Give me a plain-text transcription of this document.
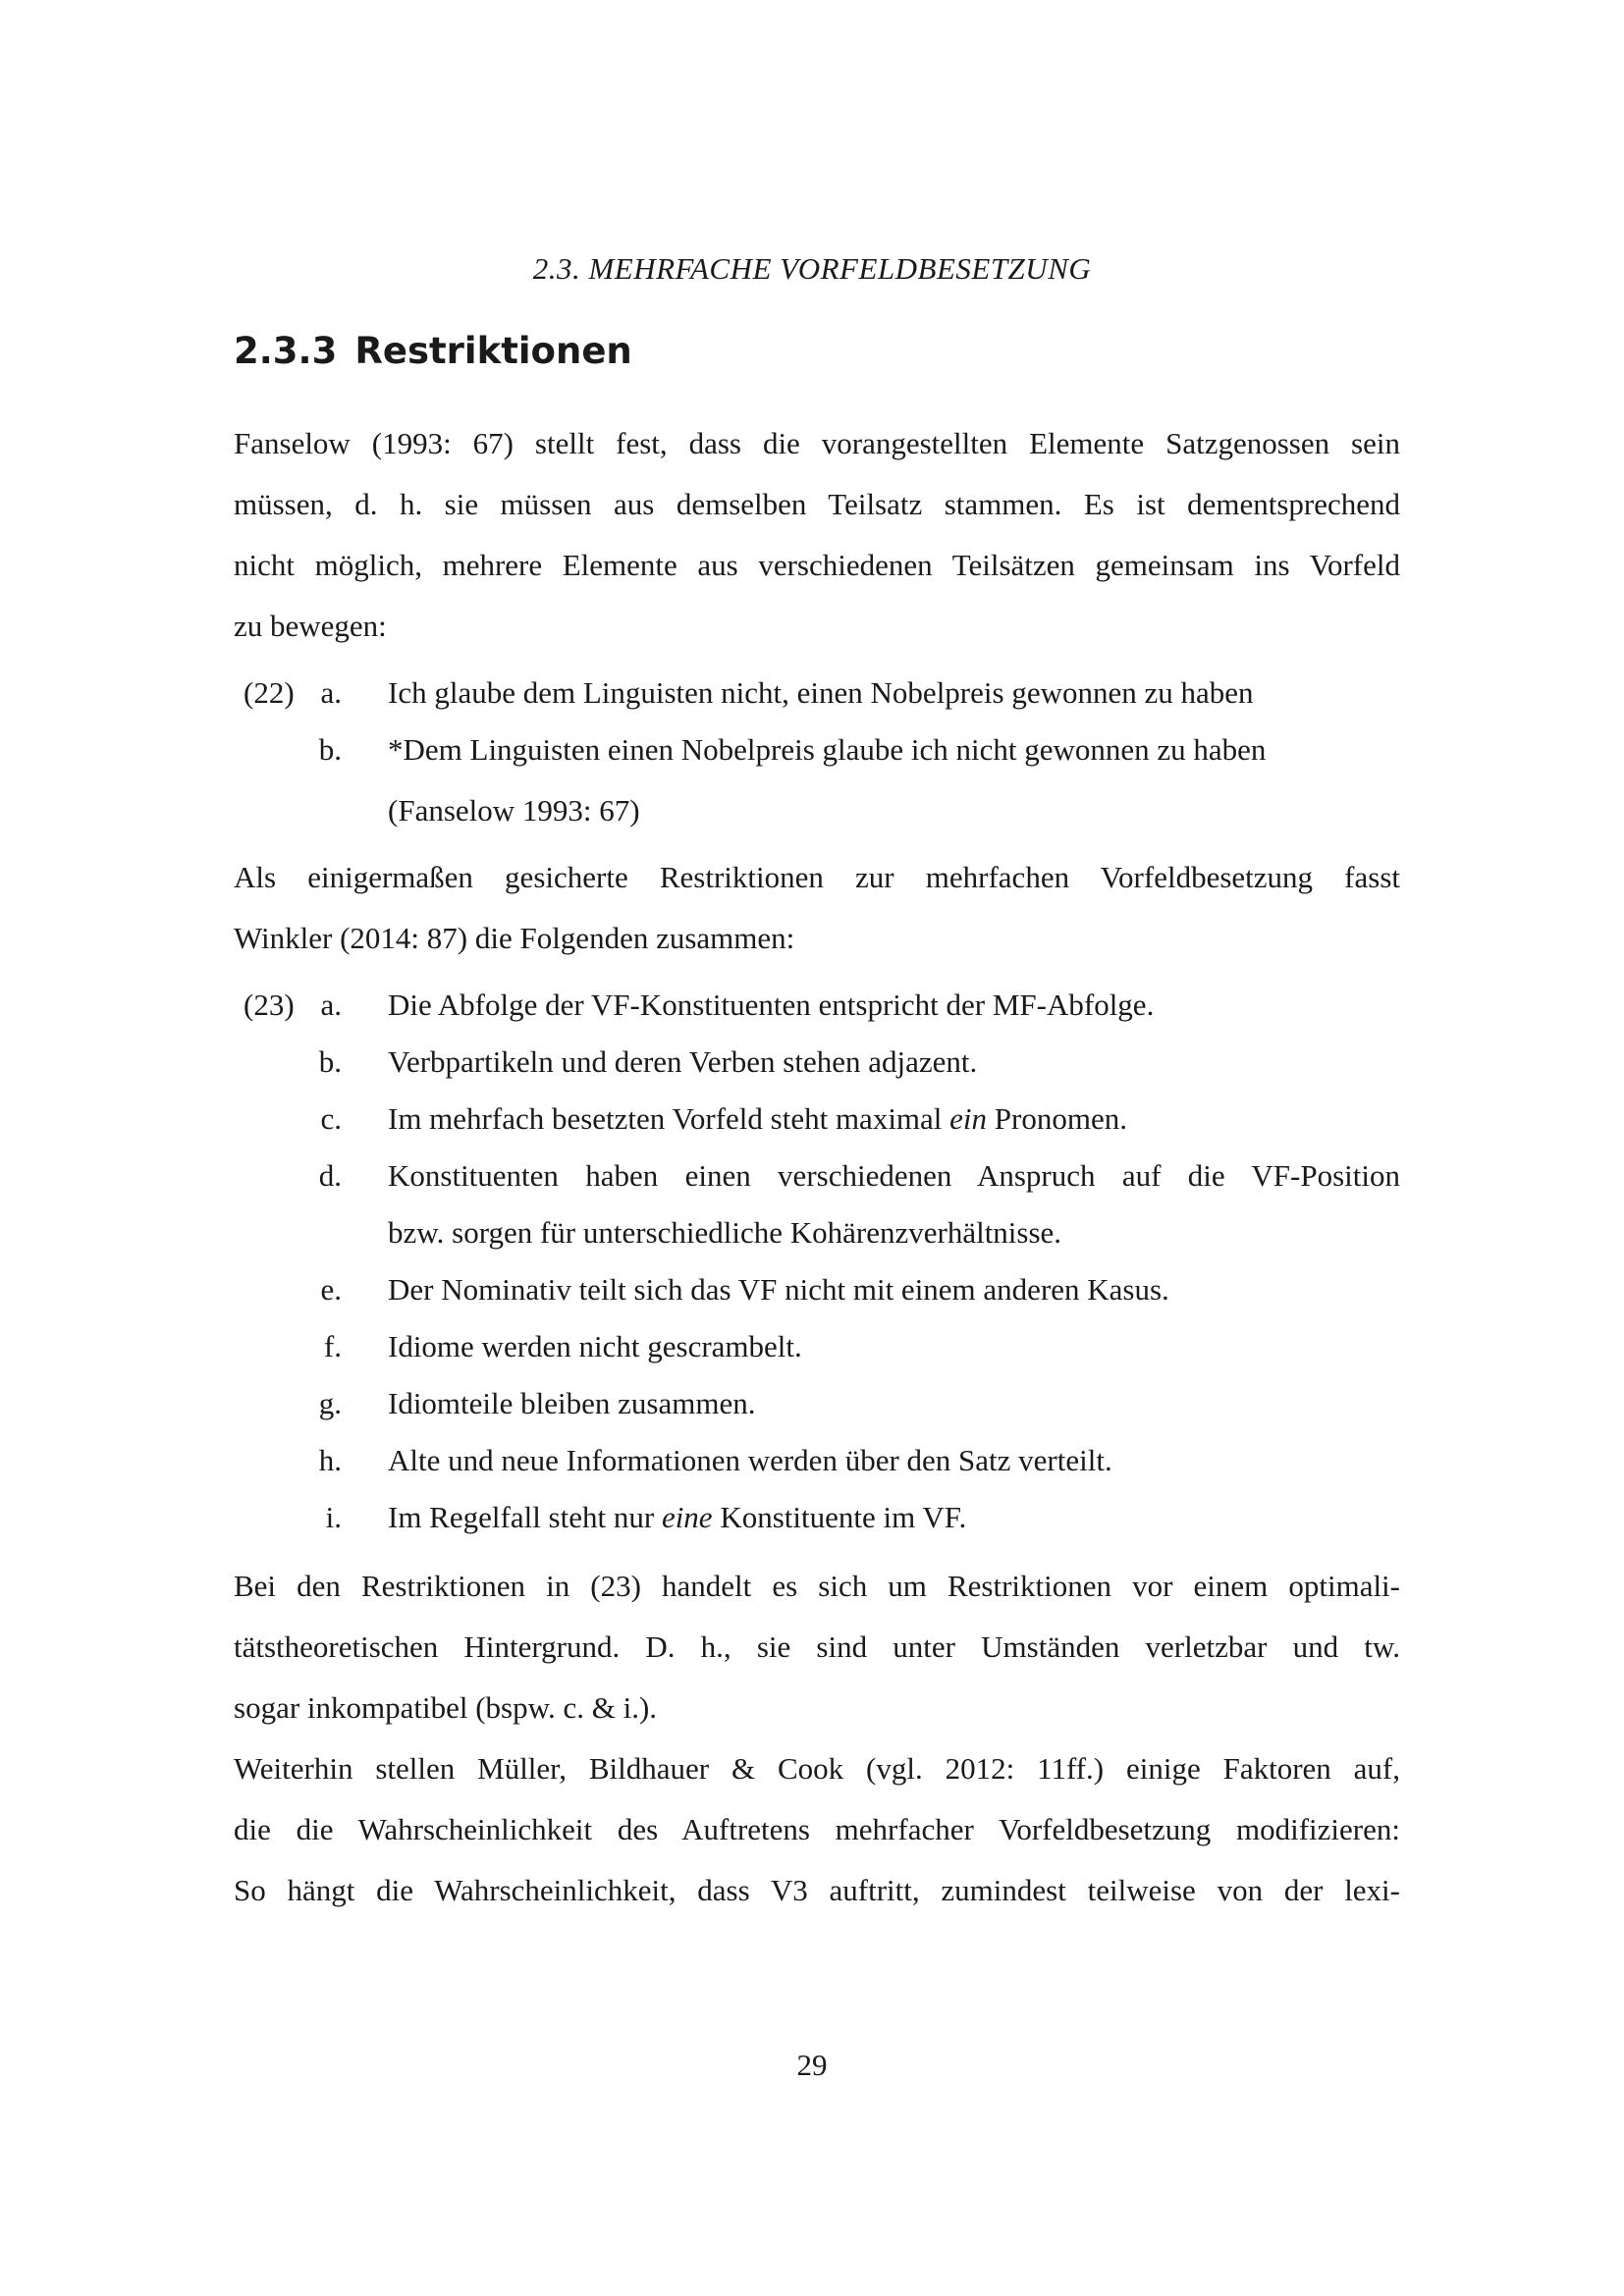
2.3. MEHRFACHE VORFELDBESETZUNG
2.3.3 Restriktionen
Fanselow (1993: 67) stellt fest, dass die vorangestellten Elemente Satzgenossen sein
müssen, d. h. sie müssen aus demselben Teilsatz stammen. Es ist dementsprechend
nicht möglich, mehrere Elemente aus verschiedenen Teilsätzen gemeinsam ins Vorfeld
zu bewegen:
(22) a. Ich glaube dem Linguisten nicht, einen Nobelpreis gewonnen zu haben
b. *Dem Linguisten einen Nobelpreis glaube ich nicht gewonnen zu haben
(Fanselow 1993: 67)
Als einigermaßen gesicherte Restriktionen zur mehrfachen Vorfeldbesetzung fasst
Winkler (2014: 87) die Folgenden zusammen:
(23) a. Die Abfolge der VF-Konstituenten entspricht der MF-Abfolge.
b. Verbpartikeln und deren Verben stehen adjazent.
c. Im mehrfach besetzten Vorfeld steht maximal ein Pronomen.
d. Konstituenten haben einen verschiedenen Anspruch auf die VF-Position
bzw. sorgen für unterschiedliche Kohärenzverhältnisse.
e. Der Nominativ teilt sich das VF nicht mit einem anderen Kasus.
f. Idiome werden nicht gescrambelt.
g. Idiomteile bleiben zusammen.
h. Alte und neue Informationen werden über den Satz verteilt.
i. Im Regelfall steht nur eine Konstituente im VF.
Bei den Restriktionen in (23) handelt es sich um Restriktionen vor einem optimali-
tätstheoretischen Hintergrund. D. h., sie sind unter Umständen verletzbar und tw.
sogar inkompatibel (bspw. c. & i.).
Weiterhin stellen Müller, Bildhauer & Cook (vgl. 2012: 11ff.) einige Faktoren auf,
die die Wahrscheinlichkeit des Auftretens mehrfacher Vorfeldbesetzung modifizieren:
So hängt die Wahrscheinlichkeit, dass V3 auftritt, zumindest teilweise von der lexi-
29
